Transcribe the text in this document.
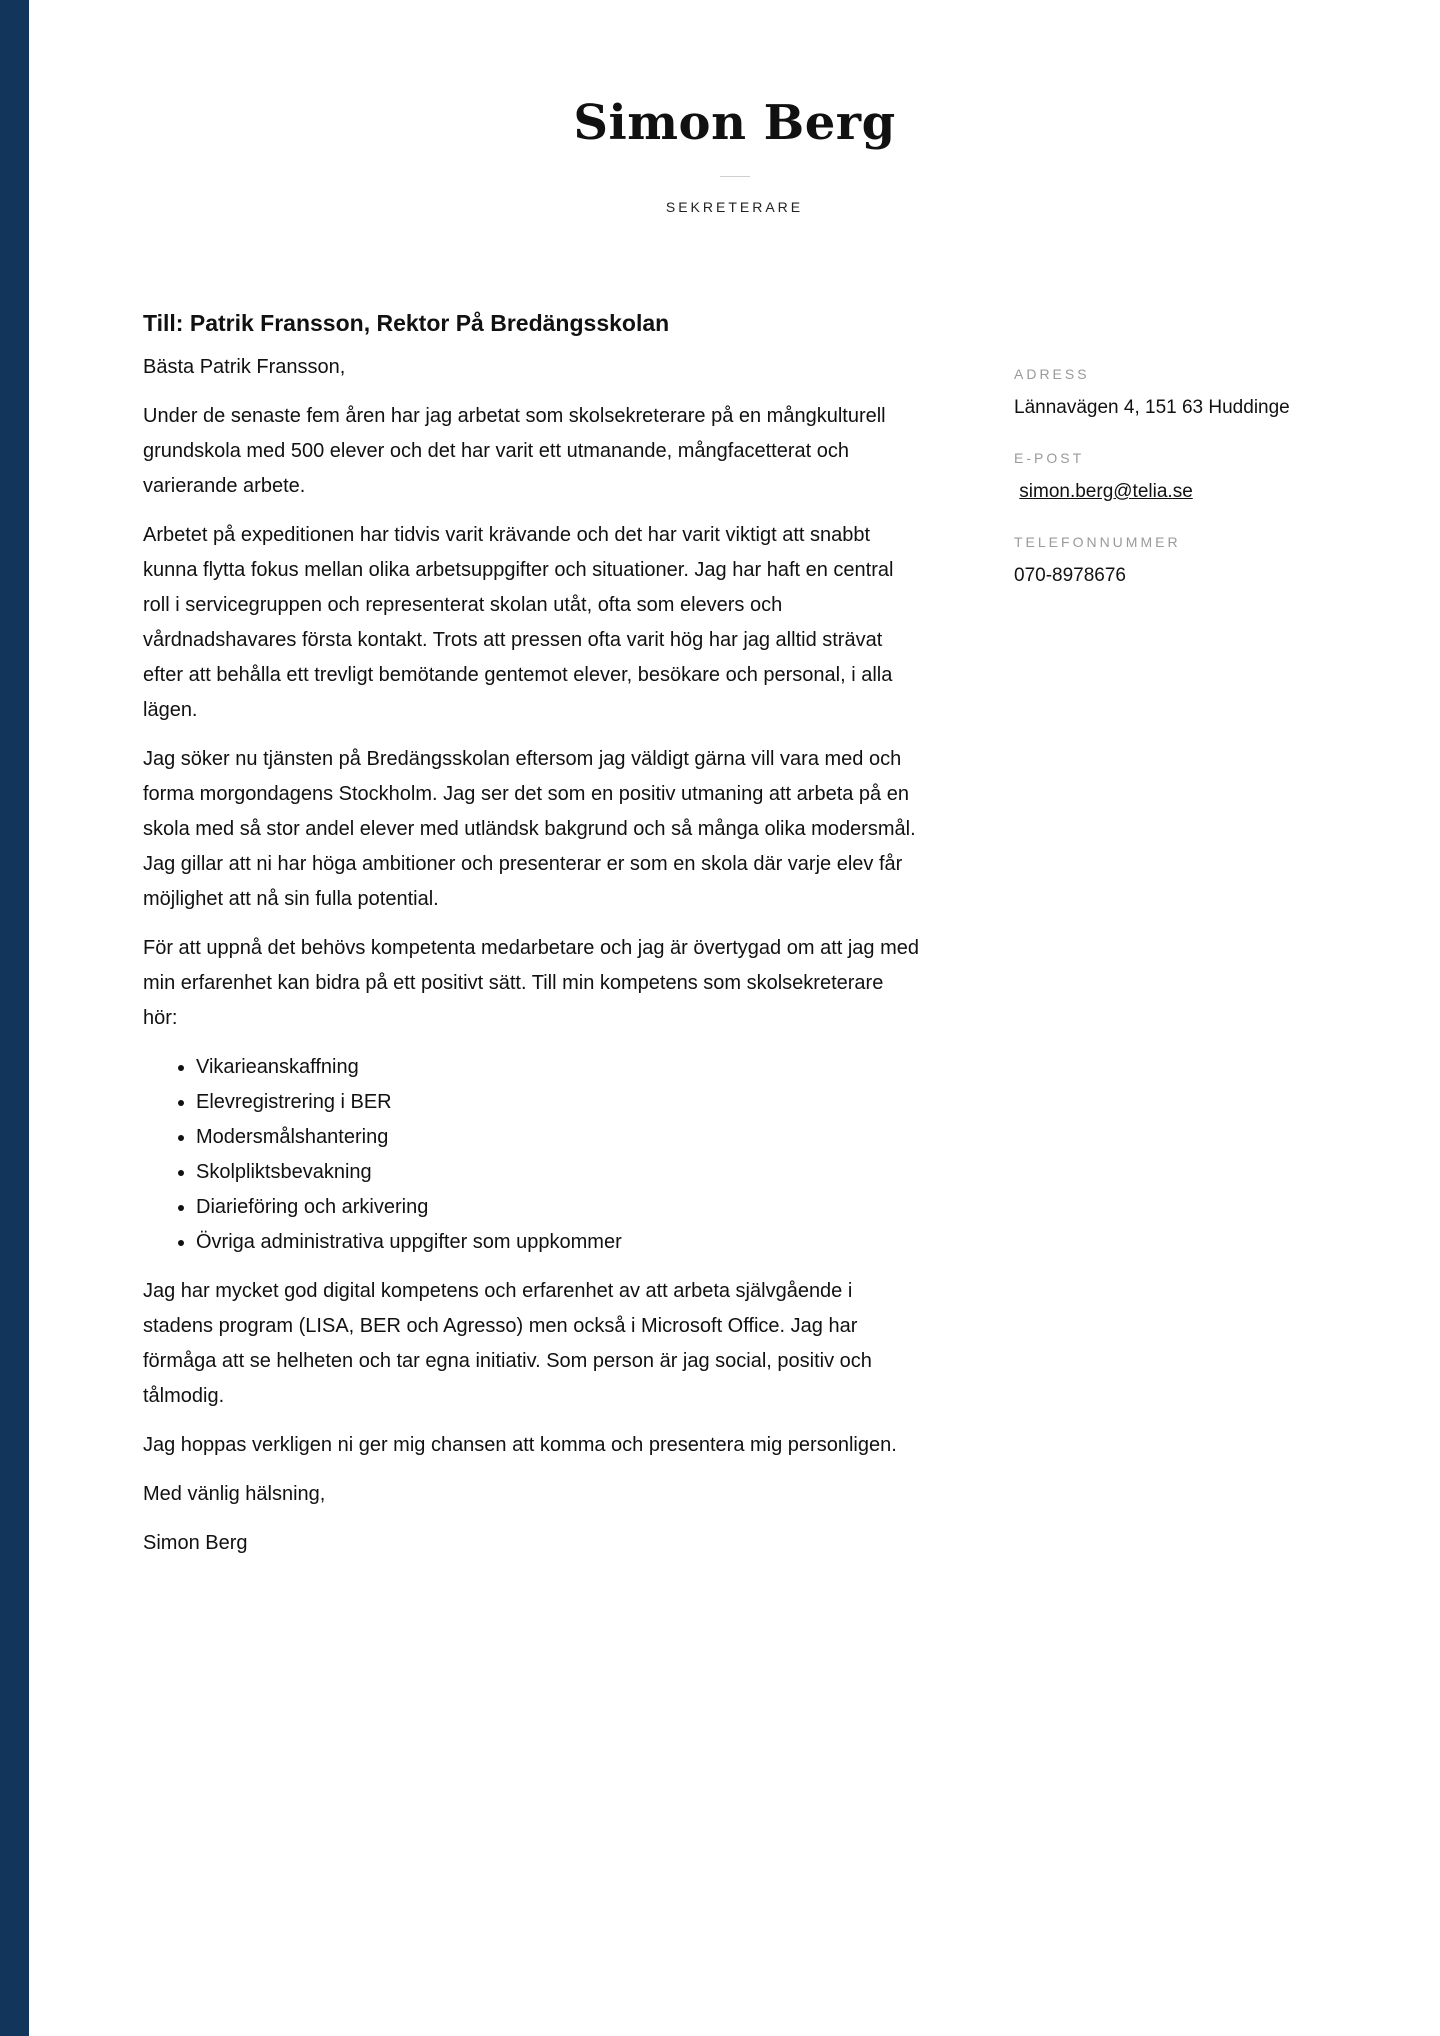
Simon Berg
SEKRETERARE
Till: Patrik Fransson, Rektor På Bredängsskolan

Bästa Patrik Fransson,

Under de senaste fem åren har jag arbetat som skolsekreterare på en mångkulturell grundskola med 500 elever och det har varit ett utmanande, mångfacetterat och varierande arbete.

Arbetet på expeditionen har tidvis varit krävande och det har varit viktigt att snabbt kunna flytta fokus mellan olika arbetsuppgifter och situationer. Jag har haft en central roll i servicegruppen och representerat skolan utåt, ofta som elevers och vårdnadshavares första kontakt. Trots att pressen ofta varit hög har jag alltid strävat efter att behålla ett trevligt bemötande gentemot elever, besökare och personal, i alla lägen.

Jag söker nu tjänsten på Bredängsskolan eftersom jag väldigt gärna vill vara med och forma morgondagens Stockholm. Jag ser det som en positiv utmaning att arbeta på en skola med så stor andel elever med utländsk bakgrund och så många olika modersmål. Jag gillar att ni har höga ambitioner och presenterar er som en skola där varje elev får möjlighet att nå sin fulla potential.

För att uppnå det behövs kompetenta medarbetare och jag är övertygad om att jag med min erfarenhet kan bidra på ett positivt sätt. Till min kompetens som skolsekreterare hör:

• Vikarieanskaffning
• Elevregistrering i BER
• Modersmålshantering
• Skolpliktsbevakning
• Diarieföring och arkivering
• Övriga administrativa uppgifter som uppkommer

Jag har mycket god digital kompetens och erfarenhet av att arbeta självgående i stadens program (LISA, BER och Agresso) men också i Microsoft Office. Jag har förmåga att se helheten och tar egna initiativ. Som person är jag social, positiv och tålmodig.

Jag hoppas verkligen ni ger mig chansen att komma och presentera mig personligen.

Med vänlig hälsning,

Simon Berg

ADRESS
Lännavägen 4, 151 63 Huddinge
E-POST
simon.berg@telia.se
TELEFONNUMMER
070-8978676
